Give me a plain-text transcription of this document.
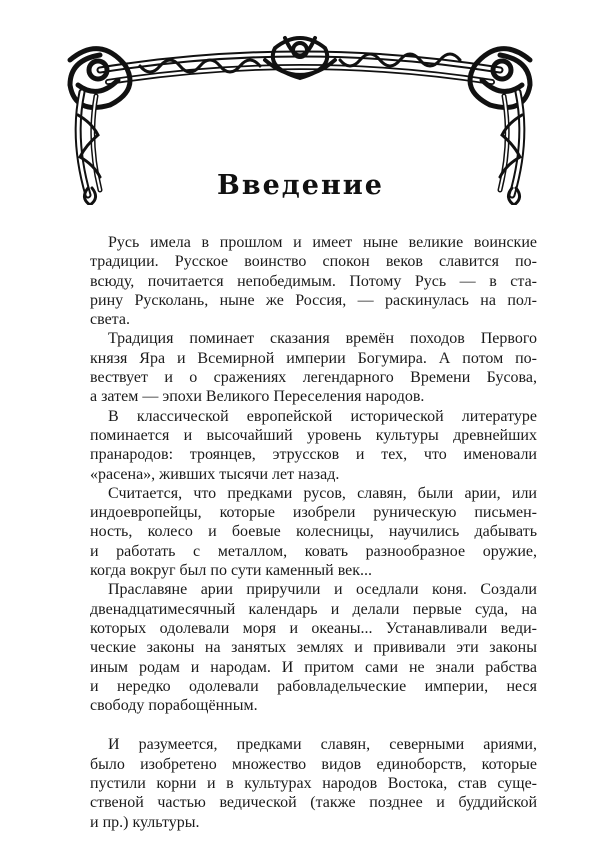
Введение
Русь имела в прошлом и имеет ныне великие воинские
традиции. Русское воинство спокон веков славится по-
всюду, почитается непобедимым. Потому Русь — в ста-
рину Русколань, ныне же Россия, — раскинулась на пол-
света.
Традиция поминает сказания времён походов Первого
князя Яра и Всемирной империи Богумира. А потом по-
вествует и о сражениях легендарного Времени Бусова,
а затем — эпохи Великого Переселения народов.
В классической европейской исторической литературе
поминается и высочайший уровень культуры древнейших
пранародов: троянцев, этруссков и тех, что именовали
«расена», живших тысячи лет назад.
Считается, что предками русов, славян, были арии, или
индоевропейцы, которые изобрели руническую письмен-
ность, колесо и боевые колесницы, научились дабывать
и работать с металлом, ковать разнообразное оружие,
когда вокруг был по сути каменный век...
Праславяне арии приручили и оседлали коня. Создали
двенадцатимесячный календарь и делали первые суда, на
которых одолевали моря и океаны... Устанавливали веди-
ческие законы на занятых землях и прививали эти законы
иным родам и народам. И притом сами не знали рабства
и нередко одолевали рабовладельческие империи, неся
свободу порабощённым.
И разумеется, предками славян, северными ариями,
было изобретено множество видов единоборств, которые
пустили корни и в культурах народов Востока, став суще-
ственой частью ведической (также позднее и буддийской
и пр.) культуры.
